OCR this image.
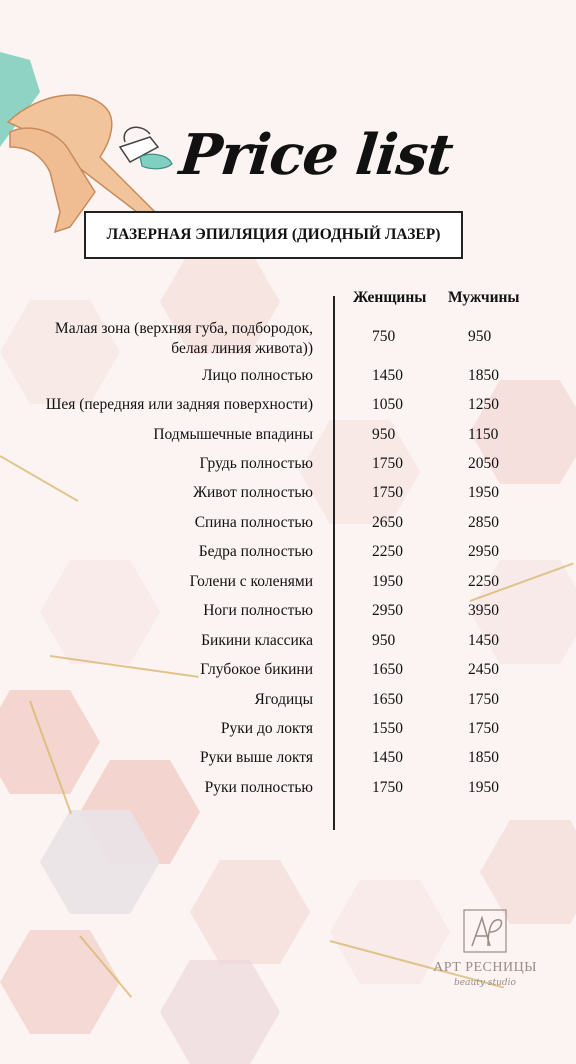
Price list
ЛАЗЕРНАЯ ЭПИЛЯЦИЯ (ДИОДНЫЙ ЛАЗЕР)
Женщины Мужчины
Малая зона (верхняя губа, подбородок,
белая линия живота))
750	950
Лицо полностью	1450	1850
Шея (передняя или задняя поверхности)	1050	1250
Подмышечные впадины	950	1150
Грудь полностью	1750	2050
Живот полностью	1750	1950
Спина полностью	2650	2850
Бедра полностью	2250	2950
Голени с коленями	1950	2250
Ноги полностью	2950	3950
Бикини классика	950	1450
Глубокое бикини	1650	2450
Ягодицы	1650	1750
Руки до локтя	1550	1750
Руки выше локтя	1450	1850
Руки полностью	1750	1950
АРТ РЕСНИЦЫ
beauty studio
